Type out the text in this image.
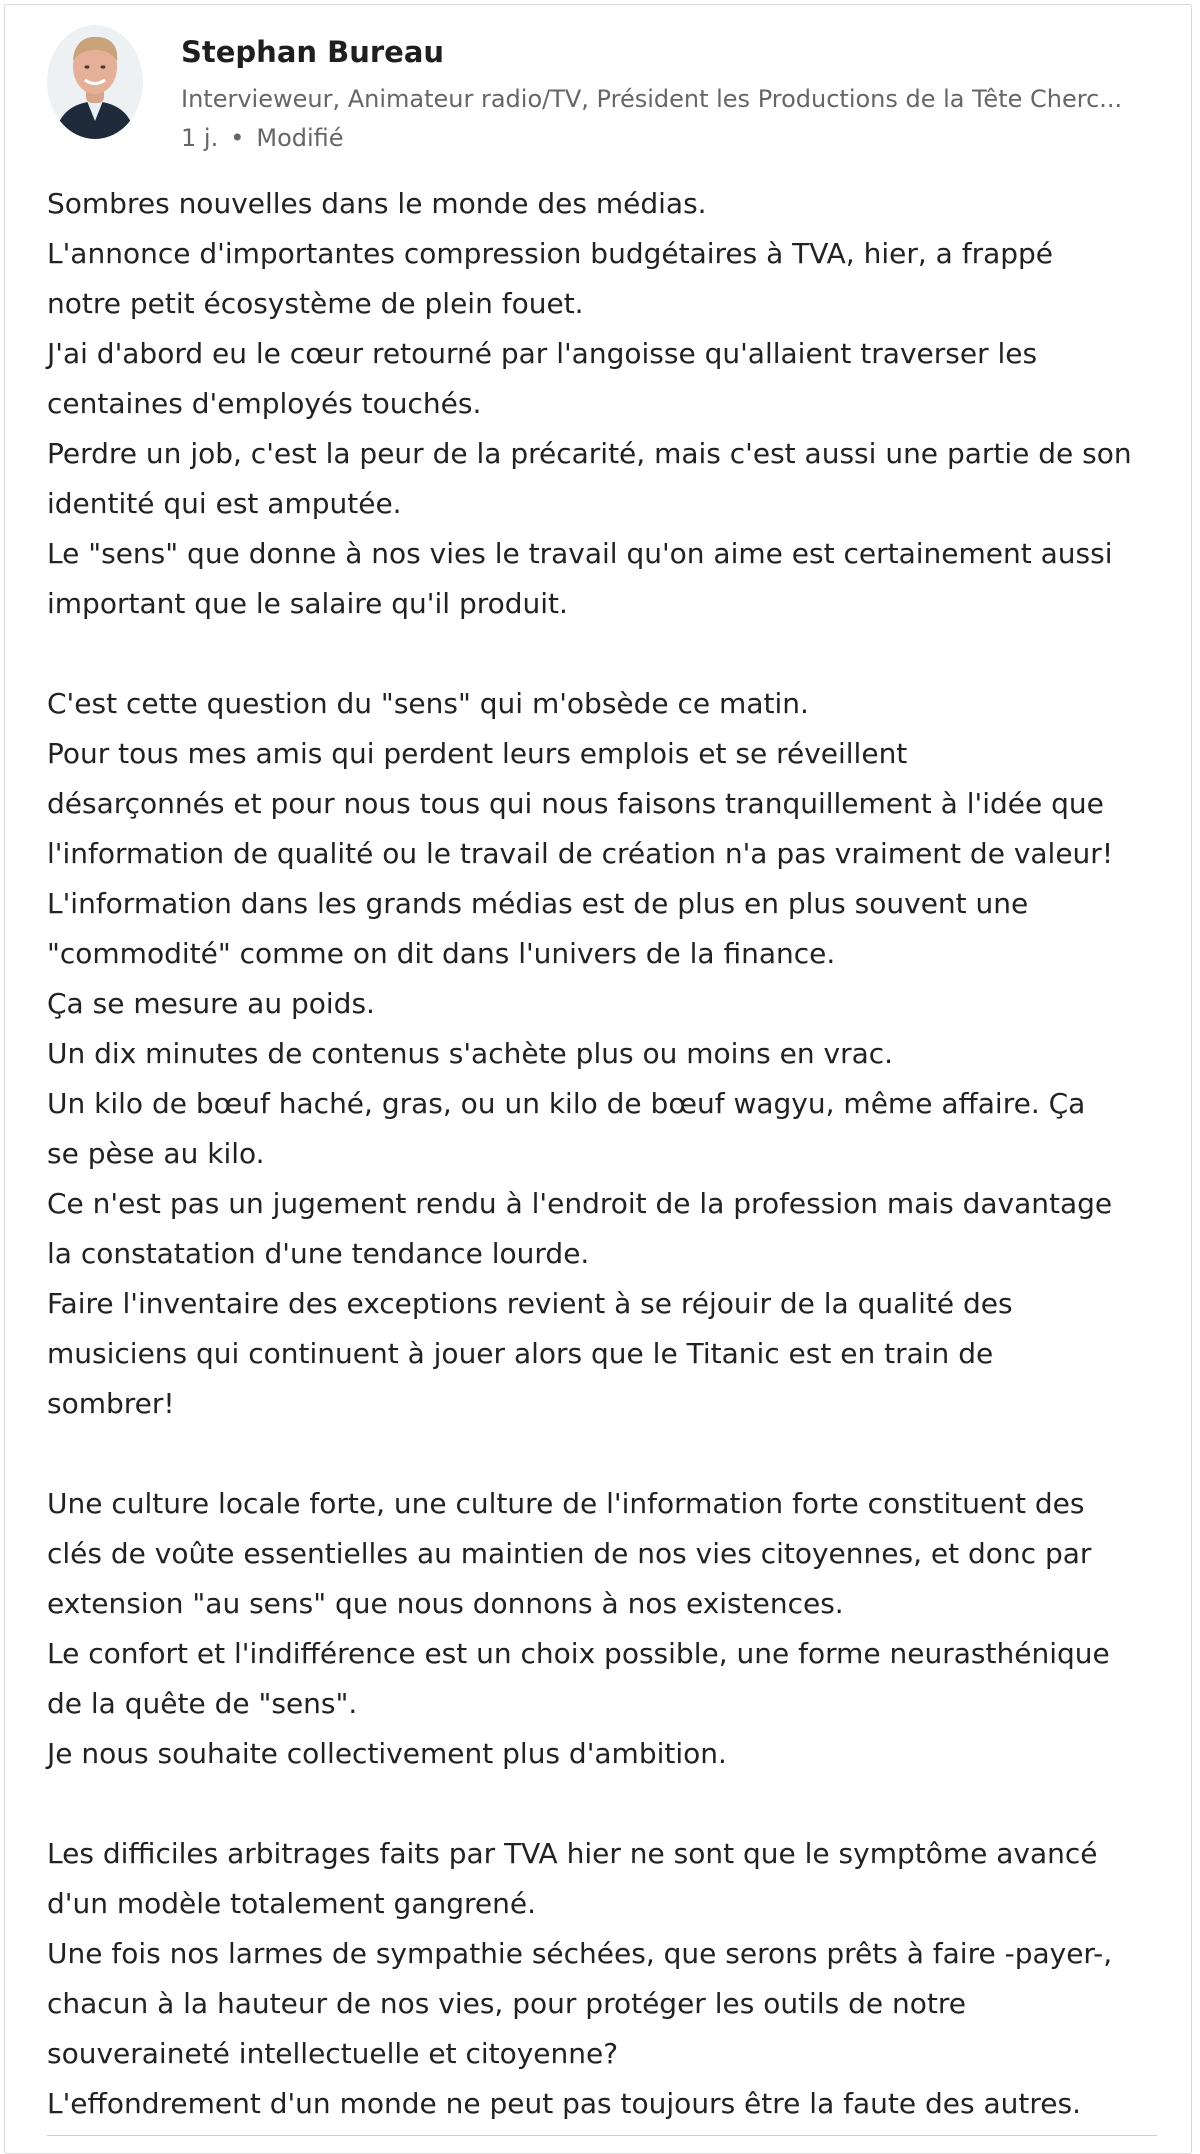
Stephan Bureau
Intervieweur, Animateur radio/TV, Président les Productions de la Tête Cherc...
1 j. • Modifié

Sombres nouvelles dans le monde des médias.

L'annonce d'importantes compression budgétaires à TVA, hier, a frappé

notre petit écosystème de plein fouet.

J'ai d'abord eu le cœur retourné par l'angoisse qu'allaient traverser les

centaines d'employés touchés.

Perdre un job, c'est la peur de la précarité, mais c'est aussi une partie de son

identité qui est amputée.

Le "sens" que donne à nos vies le travail qu'on aime est certainement aussi

important que le salaire qu'il produit.

C'est cette question du "sens" qui m'obsède ce matin.

Pour tous mes amis qui perdent leurs emplois et se réveillent

désarçonnés et pour nous tous qui nous faisons tranquillement à l'idée que

l'information de qualité ou le travail de création n'a pas vraiment de valeur!

L'information dans les grands médias est de plus en plus souvent une

"commodité" comme on dit dans l'univers de la finance.

Ça se mesure au poids.

Un dix minutes de contenus s'achète plus ou moins en vrac.

Un kilo de bœuf haché, gras, ou un kilo de bœuf wagyu, même affaire. Ça

se pèse au kilo.

Ce n'est pas un jugement rendu à l'endroit de la profession mais davantage

la constatation d'une tendance lourde.

Faire l'inventaire des exceptions revient à se réjouir de la qualité des

musiciens qui continuent à jouer alors que le Titanic est en train de

sombrer!

Une culture locale forte, une culture de l'information forte constituent des

clés de voûte essentielles au maintien de nos vies citoyennes, et donc par

extension "au sens" que nous donnons à nos existences.

Le confort et l'indifférence est un choix possible, une forme neurasthénique

de la quête de "sens".

Je nous souhaite collectivement plus d'ambition.

Les difficiles arbitrages faits par TVA hier ne sont que le symptôme avancé

d'un modèle totalement gangrené.

Une fois nos larmes de sympathie séchées, que serons prêts à faire -payer-,

chacun à la hauteur de nos vies, pour protéger les outils de notre

souveraineté intellectuelle et citoyenne?

L'effondrement d'un monde ne peut pas toujours être la faute des autres.
